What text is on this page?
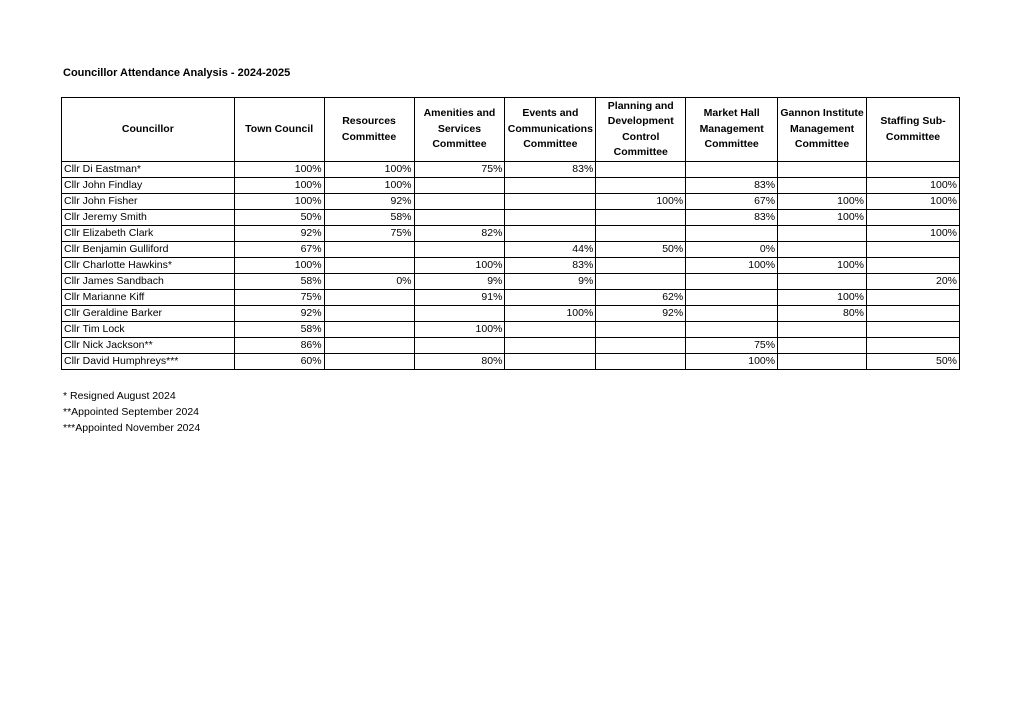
Councillor Attendance Analysis - 2024-2025
Councillor	Town Council	Resources Committee	Amenities and Services Committee	Events and Communications Committee	Planning and Development Control Committee	Market Hall Management Committee	Gannon Institute Management Committee	Staffing Sub-Committee
Cllr Di Eastman*	100%	100%	75%	83%				
Cllr John Findlay	100%	100%				83%		100%
Cllr John Fisher	100%	92%			100%	67%	100%	100%
Cllr Jeremy Smith	50%	58%				83%	100%	
Cllr Elizabeth Clark	92%	75%	82%					100%
Cllr Benjamin Gulliford	67%			44%	50%	0%		
Cllr Charlotte Hawkins*	100%		100%	83%		100%	100%	
Cllr James Sandbach	58%	0%	9%	9%				20%
Cllr Marianne Kiff	75%		91%		62%		100%	
Cllr Geraldine Barker	92%			100%	92%		80%	
Cllr Tim Lock	58%		100%					
Cllr Nick Jackson**	86%					75%		
Cllr David Humphreys***	60%		80%			100%		50%
* Resigned August 2024
**Appointed September 2024
***Appointed November 2024
